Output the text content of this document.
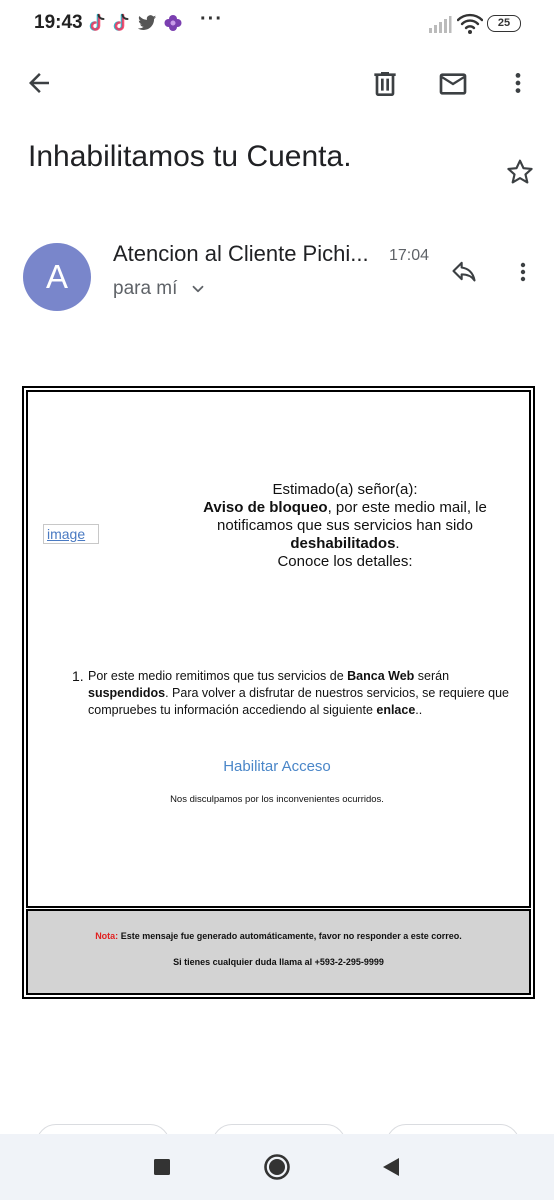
19:43	···	25
Inhabilitamos tu Cuenta.
A
Atencion al Cliente Pichi... 17:04
para mí
image

Estimado(a) señor(a):

Aviso de bloqueo, por este medio mail, le notificamos que sus servicios han sido deshabilitados.

Conoce los detalles:

1. Por este medio remitimos que tus servicios de Banca Web serán suspendidos. Para volver a disfrutar de nuestros servicios, se requiere que compruebes tu información accediendo al siguiente enlace..
Habilitar Acceso
Nos disculpamos por los inconvenientes ocurridos.
Nota: Este mensaje fue generado automáticamente, favor no responder a este correo.
Si tienes cualquier duda llama al +593-2-295-9999
